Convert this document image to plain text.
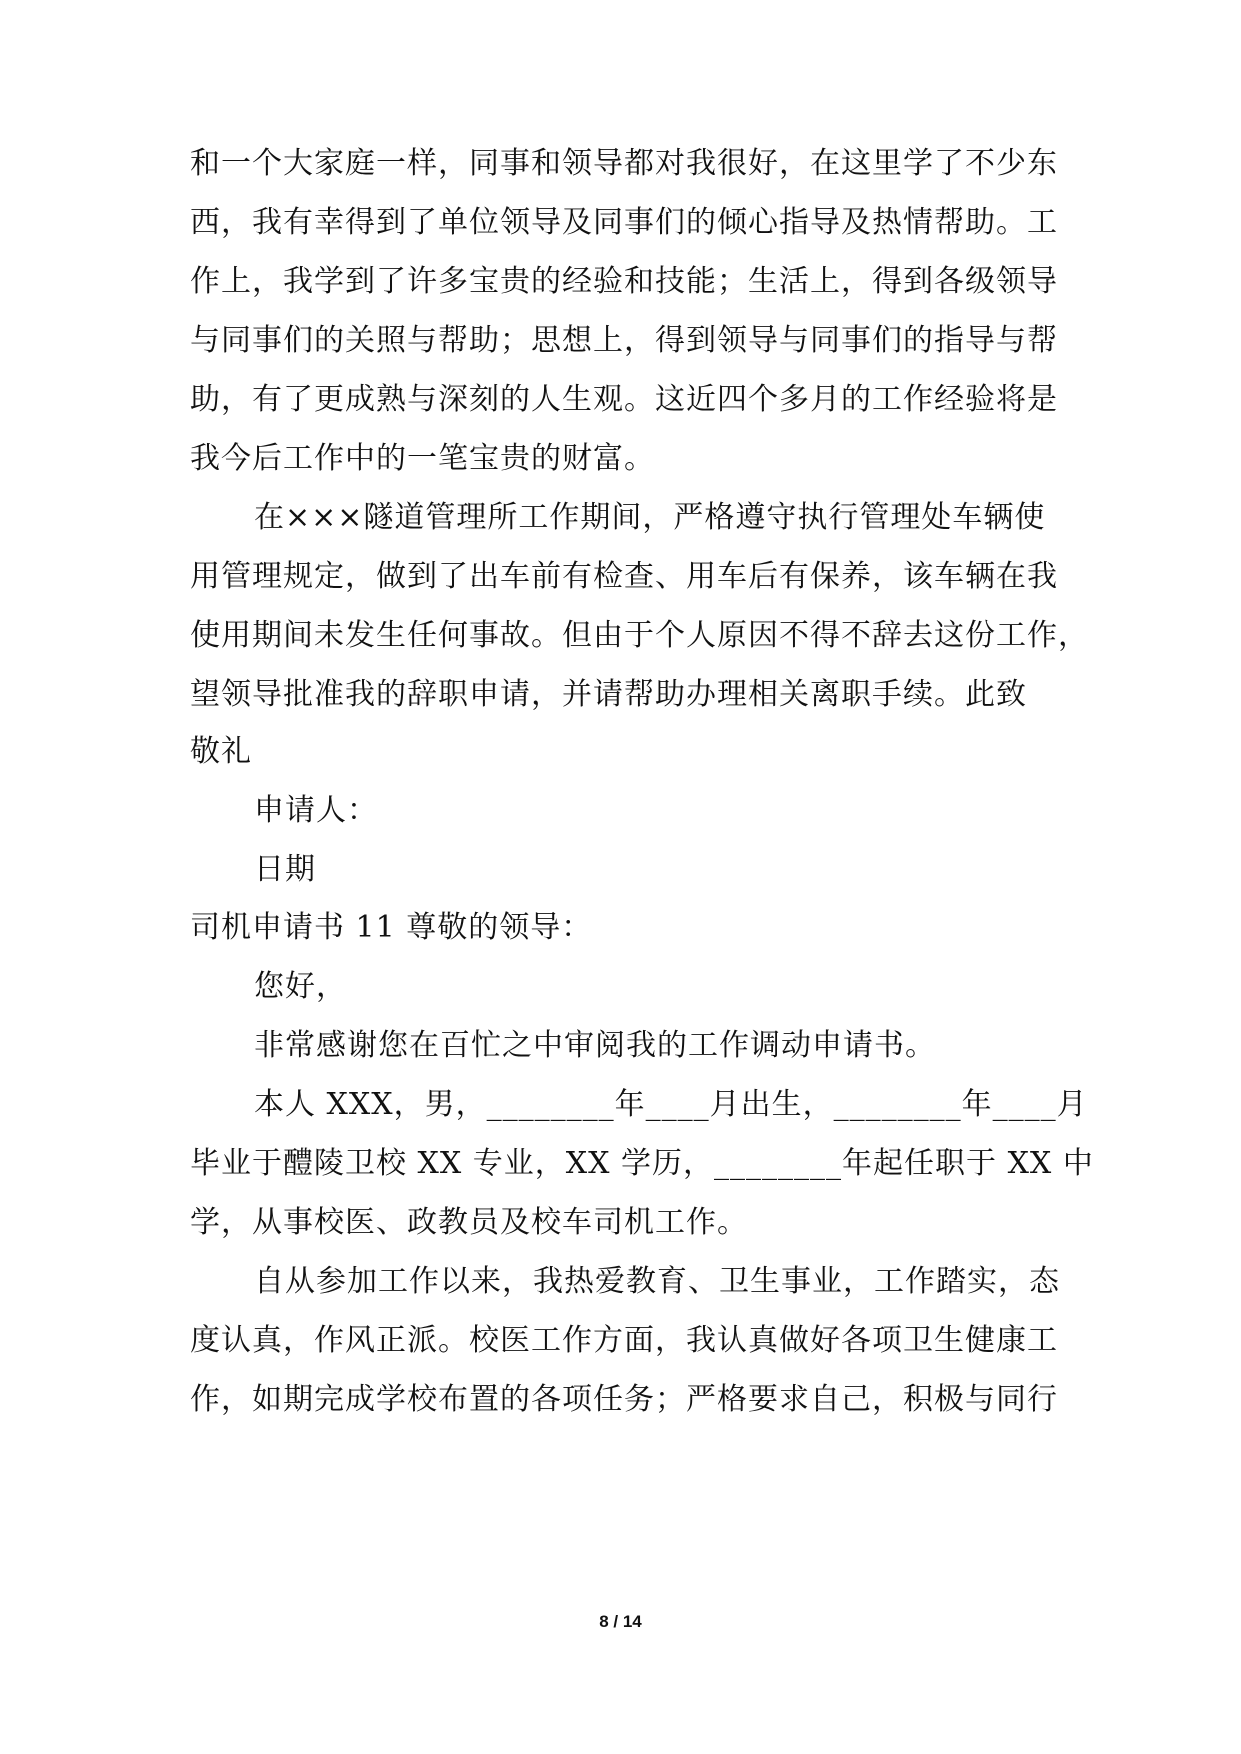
和一个大家庭一样，同事和领导都对我很好，在这里学了不少东
西，我有幸得到了单位领导及同事们的倾心指导及热情帮助。工
作上，我学到了许多宝贵的经验和技能；生活上，得到各级领导
与同事们的关照与帮助；思想上，得到领导与同事们的指导与帮
助，有了更成熟与深刻的人生观。这近四个多月的工作经验将是
我今后工作中的一笔宝贵的财富。
在×××隧道管理所工作期间，严格遵守执行管理处车辆使
用管理规定，做到了出车前有检查、用车后有保养，该车辆在我
使用期间未发生任何事故。但由于个人原因不得不辞去这份工作，
望领导批准我的辞职申请，并请帮助办理相关离职手续。此致
敬礼
申请人：
日期
司机申请书 11 尊敬的领导：
您好，
非常感谢您在百忙之中审阅我的工作调动申请书。
本人 XXX，男，________年____月出生，________年____月
毕业于醴陵卫校 XX 专业，XX 学历，________年起任职于 XX 中
学，从事校医、政教员及校车司机工作。
自从参加工作以来，我热爱教育、卫生事业，工作踏实，态
度认真，作风正派。校医工作方面，我认真做好各项卫生健康工
作，如期完成学校布置的各项任务；严格要求自己，积极与同行
8 / 14
